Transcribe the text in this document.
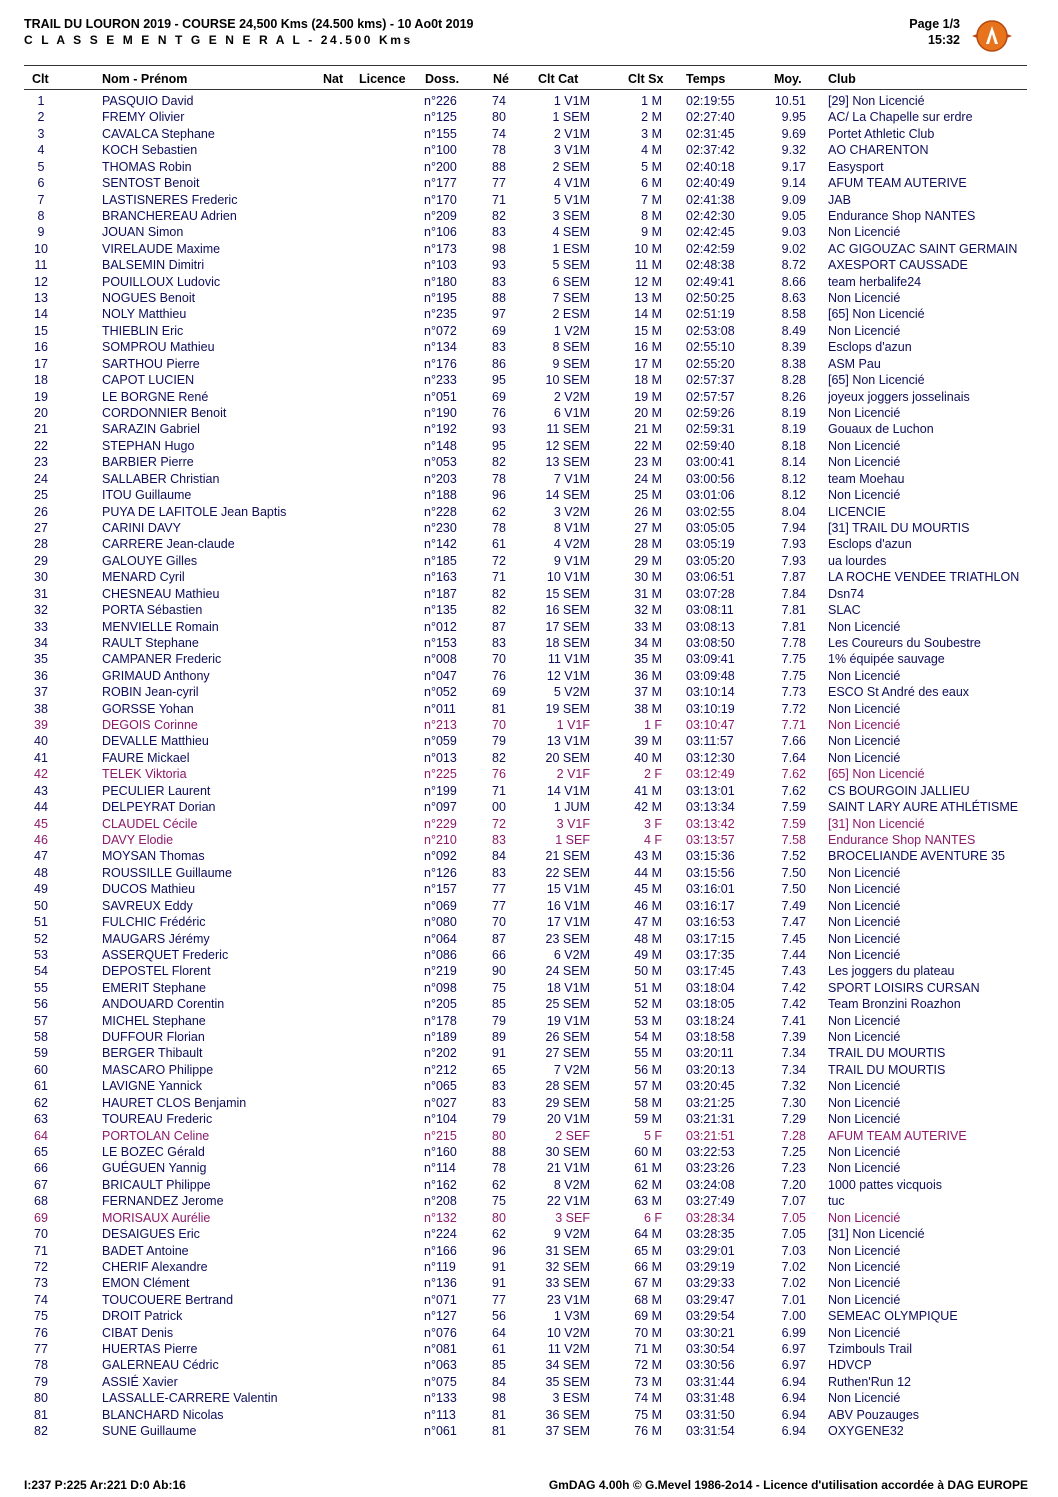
TRAIL DU LOURON 2019 - COURSE 24,500 Kms (24.500 kms) - 10 Ao0t 2019
C L A S S E M E N T G E N E R A L - 24.500 Kms
Page 1/3
15:32
Clt	Nom - Prénom	Nat Licence Doss.	Né Clt Cat	Clt Sx Temps	Moy. Club
1	PASQUIO David	n°226	74	1 V1M	1 M 02:19:55	10.51 [29] Non Licencié
2	FREMY Olivier	n°125	80	1 SEM	2 M 02:27:40	9.95 AC/ La Chapelle sur erdre
3	CAVALCA Stephane	n°155	74	2 V1M	3 M 02:31:45	9.69 Portet Athletic Club
4	KOCH Sebastien	n°100	78	3 V1M	4 M 02:37:42	9.32 AO CHARENTON
5	THOMAS Robin	n°200	88	2 SEM	5 M 02:40:18	9.17 Easysport
6	SENTOST Benoit	n°177	77	4 V1M	6 M 02:40:49	9.14 AFUM TEAM AUTERIVE
7	LASTISNERES Frederic	n°170	71	5 V1M	7 M 02:41:38	9.09 JAB
8	BRANCHEREAU Adrien	n°209	82	3 SEM	8 M 02:42:30	9.05 Endurance Shop NANTES
9	JOUAN Simon	n°106	83	4 SEM	9 M 02:42:45	9.03 Non Licencié
10	VIRELAUDE Maxime	n°173	98	1 ESM	10 M 02:42:59	9.02 AC GIGOUZAC SAINT GERMAIN
11	BALSEMIN Dimitri	n°103	93	5 SEM	11 M 02:48:38	8.72 AXESPORT CAUSSADE
12	POUILLOUX Ludovic	n°180	83	6 SEM	12 M 02:49:41	8.66 team herbalife24
13	NOGUES Benoit	n°195	88	7 SEM	13 M 02:50:25	8.63 Non Licencié
14	NOLY Matthieu	n°235	97	2 ESM	14 M 02:51:19	8.58 [65] Non Licencié
15	THIEBLIN Eric	n°072	69	1 V2M	15 M 02:53:08	8.49 Non Licencié
16	SOMPROU Mathieu	n°134	83	8 SEM	16 M 02:55:10	8.39 Esclops d'azun
17	SARTHOU Pierre	n°176	86	9 SEM	17 M 02:55:20	8.38 ASM Pau
18	CAPOT LUCIEN	n°233	95	10 SEM	18 M 02:57:37	8.28 [65] Non Licencié
19	LE BORGNE René	n°051	69	2 V2M	19 M 02:57:57	8.26 joyeux joggers josselinais
20	CORDONNIER Benoit	n°190	76	6 V1M	20 M 02:59:26	8.19 Non Licencié
21	SARAZIN Gabriel	n°192	93	11 SEM	21 M 02:59:31	8.19 Gouaux de Luchon
22	STEPHAN Hugo	n°148	95	12 SEM	22 M 02:59:40	8.18 Non Licencié
23	BARBIER Pierre	n°053	82	13 SEM	23 M 03:00:41	8.14 Non Licencié
24	SALLABER Christian	n°203	78	7 V1M	24 M 03:00:56	8.12 team Moehau
25	ITOU Guillaume	n°188	96	14 SEM	25 M 03:01:06	8.12 Non Licencié
26	PUYA DE LAFITOLE Jean Baptis	n°228	62	3 V2M	26 M 03:02:55	8.04 LICENCIE
27	CARINI DAVY	n°230	78	8 V1M	27 M 03:05:05	7.94 [31] TRAIL DU MOURTIS
28	CARRERE Jean-claude	n°142	61	4 V2M	28 M 03:05:19	7.93 Esclops d'azun
29	GALOUYE Gilles	n°185	72	9 V1M	29 M 03:05:20	7.93 ua lourdes
30	MENARD Cyril	n°163	71	10 V1M	30 M 03:06:51	7.87 LA ROCHE VENDEE TRIATHLON
31	CHESNEAU Mathieu	n°187	82	15 SEM	31 M 03:07:28	7.84 Dsn74
32	PORTA Sébastien	n°135	82	16 SEM	32 M 03:08:11	7.81 SLAC
33	MENVIELLE Romain	n°012	87	17 SEM	33 M 03:08:13	7.81 Non Licencié
34	RAULT Stephane	n°153	83	18 SEM	34 M 03:08:50	7.78 Les Coureurs du Soubestre
35	CAMPANER Frederic	n°008	70	11 V1M	35 M 03:09:41	7.75 1% équipée sauvage
36	GRIMAUD Anthony	n°047	76	12 V1M	36 M 03:09:48	7.75 Non Licencié
37	ROBIN Jean-cyril	n°052	69	5 V2M	37 M 03:10:14	7.73 ESCO St André des eaux
38	GORSSE Yohan	n°011	81	19 SEM	38 M 03:10:19	7.72 Non Licencié
39	DEGOIS Corinne	n°213	70	1 V1F	1 F 03:10:47	7.71 Non Licencié
40	DEVALLE Matthieu	n°059	79	13 V1M	39 M 03:11:57	7.66 Non Licencié
41	FAURE Mickael	n°013	82	20 SEM	40 M 03:12:30	7.64 Non Licencié
42	TELEK Viktoria	n°225	76	2 V1F	2 F 03:12:49	7.62 [65] Non Licencié
43	PECULIER Laurent	n°199	71	14 V1M	41 M 03:13:01	7.62 CS BOURGOIN JALLIEU
44	DELPEYRAT Dorian	n°097	00	1 JUM	42 M 03:13:34	7.59 SAINT LARY AURE ATHLÉTISME
45	CLAUDEL Cécile	n°229	72	3 V1F	3 F 03:13:42	7.59 [31] Non Licencié
46	DAVY Elodie	n°210	83	1 SEF	4 F 03:13:57	7.58 Endurance Shop NANTES
47	MOYSAN Thomas	n°092	84	21 SEM	43 M 03:15:36	7.52 BROCELIANDE AVENTURE 35
48	ROUSSILLE Guillaume	n°126	83	22 SEM	44 M 03:15:56	7.50 Non Licencié
49	DUCOS Mathieu	n°157	77	15 V1M	45 M 03:16:01	7.50 Non Licencié
50	SAVREUX Eddy	n°069	77	16 V1M	46 M 03:16:17	7.49 Non Licencié
51	FULCHIC Frédéric	n°080	70	17 V1M	47 M 03:16:53	7.47 Non Licencié
52	MAUGARS Jérémy	n°064	87	23 SEM	48 M 03:17:15	7.45 Non Licencié
53	ASSERQUET Frederic	n°086	66	6 V2M	49 M 03:17:35	7.44 Non Licencié
54	DEPOSTEL Florent	n°219	90	24 SEM	50 M 03:17:45	7.43 Les joggers du plateau
55	EMERIT Stephane	n°098	75	18 V1M	51 M 03:18:04	7.42 SPORT LOISIRS CURSAN
56	ANDOUARD Corentin	n°205	85	25 SEM	52 M 03:18:05	7.42 Team Bronzini Roazhon
57	MICHEL Stephane	n°178	79	19 V1M	53 M 03:18:24	7.41 Non Licencié
58	DUFFOUR Florian	n°189	89	26 SEM	54 M 03:18:58	7.39 Non Licencié
59	BERGER Thibault	n°202	91	27 SEM	55 M 03:20:11	7.34 TRAIL DU MOURTIS
60	MASCARO Philippe	n°212	65	7 V2M	56 M 03:20:13	7.34 TRAIL DU MOURTIS
61	LAVIGNE Yannick	n°065	83	28 SEM	57 M 03:20:45	7.32 Non Licencié
62	HAURET CLOS Benjamin	n°027	83	29 SEM	58 M 03:21:25	7.30 Non Licencié
63	TOUREAU Frederic	n°104	79	20 V1M	59 M 03:21:31	7.29 Non Licencié
64	PORTOLAN Celine	n°215	80	2 SEF	5 F 03:21:51	7.28 AFUM TEAM AUTERIVE
65	LE BOZEC Gérald	n°160	88	30 SEM	60 M 03:22:53	7.25 Non Licencié
66	GUÉGUEN Yannig	n°114	78	21 V1M	61 M 03:23:26	7.23 Non Licencié
67	BRICAULT Philippe	n°162	62	8 V2M	62 M 03:24:08	7.20 1000 pattes vicquois
68	FERNANDEZ Jerome	n°208	75	22 V1M	63 M 03:27:49	7.07 tuc
69	MORISAUX Aurélie	n°132	80	3 SEF	6 F 03:28:34	7.05 Non Licencié
70	DESAIGUES Eric	n°224	62	9 V2M	64 M 03:28:35	7.05 [31] Non Licencié
71	BADET Antoine	n°166	96	31 SEM	65 M 03:29:01	7.03 Non Licencié
72	CHERIF Alexandre	n°119	91	32 SEM	66 M 03:29:19	7.02 Non Licencié
73	EMON Clément	n°136	91	33 SEM	67 M 03:29:33	7.02 Non Licencié
74	TOUCOUERE Bertrand	n°071	77	23 V1M	68 M 03:29:47	7.01 Non Licencié
75	DROIT Patrick	n°127	56	1 V3M	69 M 03:29:54	7.00 SEMEAC OLYMPIQUE
76	CIBAT Denis	n°076	64	10 V2M	70 M 03:30:21	6.99 Non Licencié
77	HUERTAS Pierre	n°081	61	11 V2M	71 M 03:30:54	6.97 Tzimbouls Trail
78	GALERNEAU Cédric	n°063	85	34 SEM	72 M 03:30:56	6.97 HDVCP
79	ASSIÉ Xavier	n°075	84	35 SEM	73 M 03:31:44	6.94 Ruthen'Run 12
80	LASSALLE-CARRERE Valentin	n°133	98	3 ESM	74 M 03:31:48	6.94 Non Licencié
81	BLANCHARD Nicolas	n°113	81	36 SEM	75 M 03:31:50	6.94 ABV Pouzauges
82	SUNE Guillaume	n°061	81	37 SEM	76 M 03:31:54	6.94 OXYGENE32
I:237 P:225 Ar:221 D:0 Ab:16	GmDAG 4.00h © G.Mevel 1986-2o14 - Licence d'utilisation accordée à DAG EUROPE
